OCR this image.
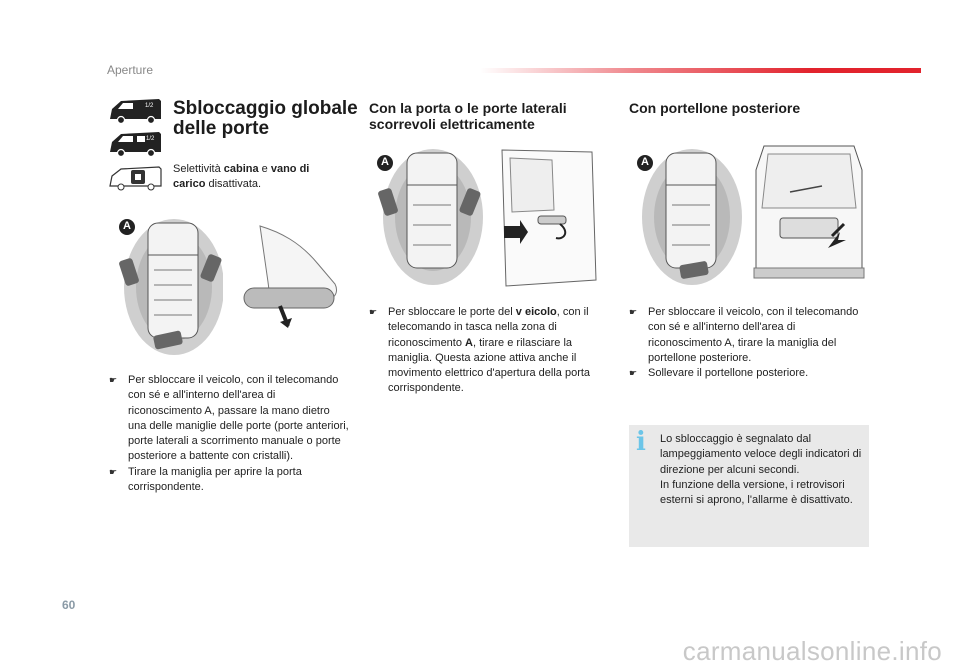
Aperture
1/2
1/2
Sbloccaggio globale
delle porte
Selettività cabina e vano di carico disattivata.
A
☛ Per sbloccare il veicolo, con il telecomando con sé e all'interno dell'area di riconoscimento A, passare la mano dietro una delle maniglie delle porte (porte anteriori, porte laterali a scorrimento manuale o porte posteriore a battente con cristalli).
☛ Tirare la maniglia per aprire la porta corrispondente.
Con la porta o le porte laterali
scorrevoli elettricamente
A
☛ Per sbloccare le porte del v eicolo, con il telecomando in tasca nella zona di riconoscimento A, tirare e rilasciare la maniglia. Questa azione attiva anche il movimento elettrico d'apertura della porta corrispondente.
Con portellone posteriore
A
☛ Per sbloccare il veicolo, con il telecomando con sé e all'interno dell'area di riconoscimento A, tirare la maniglia del portellone posteriore.
☛ Sollevare il portellone posteriore.
i	Lo sbloccaggio è segnalato dal lampeggiamento veloce degli indicatori di direzione per alcuni secondi.
In funzione della versione, i retrovisori esterni si aprono, l'allarme è disattivato.
60
carmanualsonline.info
